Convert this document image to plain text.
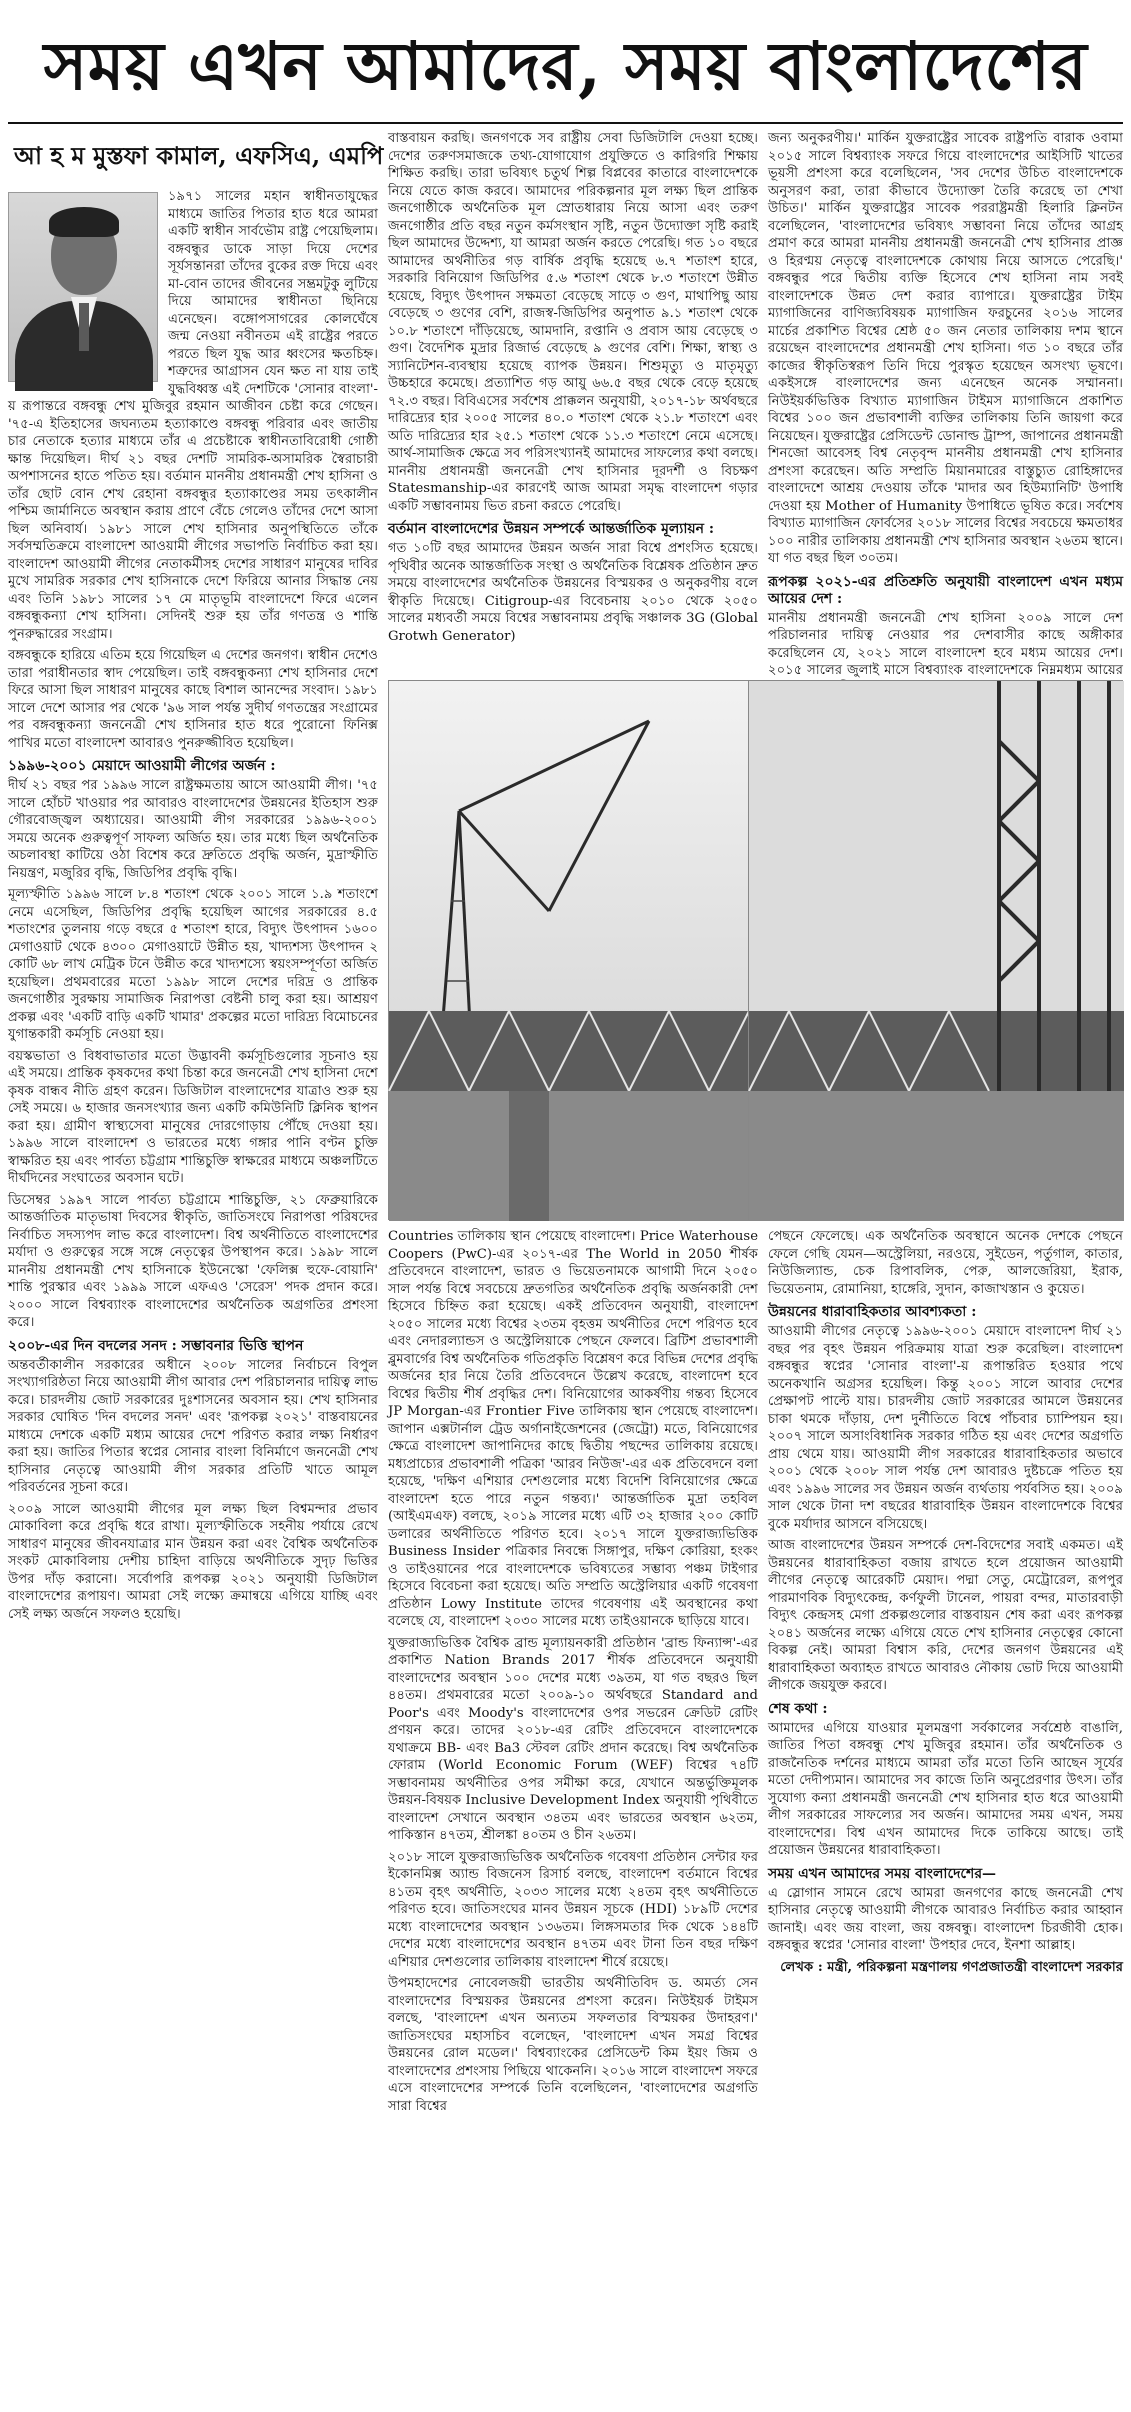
সময় এখন আমাদের, সময় বাংলাদেশের
আ হ ম মুস্তফা কামাল, এফসিএ, এমপি

১৯৭১ সালের মহান স্বাধীনতাযুদ্ধের মাধ্যমে জাতির পিতার হাত ধরে আমরা একটি স্বাধীন সার্বভৌম রাষ্ট্র পেয়েছিলাম। বঙ্গবন্ধুর ডাকে সাড়া দিয়ে দেশের সূর্যসন্তানরা তাঁদের বুকের রক্ত দিয়ে এবং মা-বোন তাদের জীবনের সম্ভ্রমটুকু লুটিয়ে দিয়ে আমাদের স্বাধীনতা ছিনিয়ে এনেছেন। বঙ্গোপসাগরের কোলঘেঁষে জন্ম নেওয়া নবীনতম এই রাষ্ট্রের পরতে পরতে ছিল যুদ্ধ আর ধ্বংসের ক্ষতচিহ্ন। শত্রুদের আগ্রাসন যেন ক্ষত না যায় তাই যুদ্ধবিধ্বস্ত এই দেশটিকে 'সোনার বাংলা'-য় রূপান্তরে বঙ্গবন্ধু শেখ মুজিবুর রহমান আজীবন চেষ্টা করে গেছেন। '৭৫-এ ইতিহাসের জঘন্যতম হত্যাকাণ্ডে বঙ্গবন্ধু পরিবার এবং জাতীয় চার নেতাকে হত্যার মাধ্যমে তাঁর এ প্রচেষ্টাকে স্বাধীনতাবিরোধী গোষ্ঠী ক্ষান্ত দিয়েছিল। দীর্ঘ ২১ বছর দেশটি সামরিক-অসামরিক স্বৈরাচারী অপশাসনের হাতে পতিত হয়। বর্তমান মাননীয় প্রধানমন্ত্রী শেখ হাসিনা ও তাঁর ছোট বোন শেখ রেহানা বঙ্গবন্ধুর হত্যাকাণ্ডের সময় তৎকালীন পশ্চিম জার্মানিতে অবস্থান করায় প্রাণে বেঁচে গেলেও তাঁদের দেশে আসা ছিল অনিবার্য। ১৯৮১ সালে শেখ হাসিনার অনুপস্থিতিতে তাঁকে সর্বসম্মতিক্রমে বাংলাদেশ আওয়ামী লীগের সভাপতি নির্বাচিত করা হয়। বাংলাদেশ আওয়ামী লীগের নেতাকর্মীসহ দেশের সাধারণ মানুষের দাবির মুখে সামরিক সরকার শেখ হাসিনাকে দেশে ফিরিয়ে আনার সিদ্ধান্ত নেয় এবং তিনি ১৯৮১ সালের ১৭ মে মাতৃভূমি বাংলাদেশে ফিরে এলেন বঙ্গবন্ধুকন্যা শেখ হাসিনা। সেদিনই শুরু হয় তাঁর গণতন্ত্র ও শান্তি পুনরুদ্ধারের সংগ্রাম।

বঙ্গবন্ধুকে হারিয়ে এতিম হয়ে গিয়েছিল এ দেশের জনগণ। স্বাধীন দেশেও তারা পরাধীনতার স্বাদ পেয়েছিল। তাই বঙ্গবন্ধুকন্যা শেখ হাসিনার দেশে ফিরে আসা ছিল সাধারণ মানুষের কাছে বিশাল আনন্দের সংবাদ। ১৯৮১ সালে দেশে আসার পর থেকে '৯৬ সাল পর্যন্ত সুদীর্ঘ গণতন্ত্রের সংগ্রামের পর বঙ্গবন্ধুকন্যা জননেত্রী শেখ হাসিনার হাত ধরে পুরোনো ফিনিক্স পাখির মতো বাংলাদেশ আবারও পুনরুজ্জীবিত হয়েছিল।

১৯৯৬-২০০১ মেয়াদে আওয়ামী লীগের অর্জন :

দীর্ঘ ২১ বছর পর ১৯৯৬ সালে রাষ্ট্রক্ষমতায় আসে আওয়ামী লীগ। '৭৫ সালে হোঁচট খাওয়ার পর আবারও বাংলাদেশের উন্নয়নের ইতিহাস শুরু গৌরবোজ্জ্বল অধ্যায়ের। আওয়ামী লীগ সরকারের ১৯৯৬-২০০১ সময়ে অনেক গুরুত্বপূর্ণ সাফল্য অর্জিত হয়। তার মধ্যে ছিল অর্থনৈতিক অচলাবস্থা কাটিয়ে ওঠা বিশেষ করে দ্রুতিতে প্রবৃদ্ধি অর্জন, মুদ্রাস্ফীতি নিয়ন্ত্রণ, মজুরির বৃদ্ধি, জিডিপির প্রবৃদ্ধি বৃদ্ধি।

মূল্যস্ফীতি ১৯৯৬ সালে ৮.৪ শতাংশ থেকে ২০০১ সালে ১.৯ শতাংশে নেমে এসেছিল, জিডিপির প্রবৃদ্ধি হয়েছিল আগের সরকারের ৪.৫ শতাংশের তুলনায় গড়ে বছরে ৫ শতাংশ হারে, বিদ্যুৎ উৎপাদন ১৬০০ মেগাওয়াট থেকে ৪৩০০ মেগাওয়াটে উন্নীত হয়, খাদ্যশস্য উৎপাদন ২ কোটি ৬৮ লাখ মেট্রিক টনে উন্নীত করে খাদ্যশস্যে স্বয়ংসম্পূর্ণতা অর্জিত হয়েছিল। প্রথমবারের মতো ১৯৯৮ সালে দেশের দরিদ্র ও প্রান্তিক জনগোষ্ঠীর সুরক্ষায় সামাজিক নিরাপত্তা বেষ্টনী চালু করা হয়। আশ্রয়ণ প্রকল্প এবং 'একটি বাড়ি একটি খামার' প্রকল্পের মতো দারিদ্র্য বিমোচনের যুগান্তকারী কর্মসূচি নেওয়া হয়।

বয়স্কভাতা ও বিধবাভাতার মতো উদ্ভাবনী কর্মসূচিগুলোর সূচনাও হয় এই সময়ে। প্রান্তিক কৃষকদের কথা চিন্তা করে জননেত্রী শেখ হাসিনা দেশে কৃষক বান্ধব নীতি গ্রহণ করেন। ডিজিটাল বাংলাদেশের যাত্রাও শুরু হয় সেই সময়ে। ৬ হাজার জনসংখ্যার জন্য একটি কমিউনিটি ক্লিনিক স্থাপন করা হয়। গ্রামীণ স্বাস্থ্যসেবা মানুষের দোরগোড়ায় পৌঁছে দেওয়া হয়। ১৯৯৬ সালে বাংলাদেশ ও ভারতের মধ্যে গঙ্গার পানি বণ্টন চুক্তি স্বাক্ষরিত হয় এবং পার্বত্য চট্টগ্রাম শান্তিচুক্তি স্বাক্ষরের মাধ্যমে অঞ্চলটিতে দীর্ঘদিনের সংঘাতের অবসান ঘটে।

ডিসেম্বর ১৯৯৭ সালে পার্বত্য চট্টগ্রামে শান্তিচুক্তি, ২১ ফেব্রুয়ারিকে আন্তর্জাতিক মাতৃভাষা দিবসের স্বীকৃতি, জাতিসংঘে নিরাপত্তা পরিষদের নির্বাচিত সদস্যপদ লাভ করে বাংলাদেশ। বিশ্ব অর্থনীতিতে বাংলাদেশের মর্যাদা ও গুরুত্বের সঙ্গে সঙ্গে নেতৃত্বের উপস্থাপন করে। ১৯৯৮ সালে মাননীয় প্রধানমন্ত্রী শেখ হাসিনাকে ইউনেস্কো 'ফেলিক্স হুফে-বোয়ানি' শান্তি পুরস্কার এবং ১৯৯৯ সালে এফএও 'সেরেস' পদক প্রদান করে। ২০০০ সালে বিশ্বব্যাংক বাংলাদেশের অর্থনৈতিক অগ্রগতির প্রশংসা করে।

২০০৮-এর দিন বদলের সনদ : সম্ভাবনার ভিত্তি স্থাপন

অন্তবর্তীকালীন সরকারের অধীনে ২০০৮ সালের নির্বাচনে বিপুল সংখ্যাগরিষ্ঠতা নিয়ে আওয়ামী লীগ আবার দেশ পরিচালনার দায়িত্ব লাভ করে। চারদলীয় জোট সরকারের দুঃশাসনের অবসান হয়। শেখ হাসিনার সরকার ঘোষিত 'দিন বদলের সনদ' এবং 'রূপকল্প ২০২১' বাস্তবায়নের মাধ্যমে দেশকে একটি মধ্যম আয়ের দেশে পরিণত করার লক্ষ্য নির্ধারণ করা হয়। জাতির পিতার স্বপ্নের সোনার বাংলা বিনির্মাণে জননেত্রী শেখ হাসিনার নেতৃত্বে আওয়ামী লীগ সরকার প্রতিটি খাতে আমূল পরিবর্তনের সূচনা করে।

২০০৯ সালে আওয়ামী লীগের মূল লক্ষ্য ছিল বিশ্বমন্দার প্রভাব মোকাবিলা করে প্রবৃদ্ধি ধরে রাখা। মূল্যস্ফীতিকে সহনীয় পর্যায়ে রেখে সাধারণ মানুষের জীবনযাত্রার মান উন্নয়ন করা এবং বৈশ্বিক অর্থনৈতিক সংকট মোকাবিলায় দেশীয় চাহিদা বাড়িয়ে অর্থনীতিকে সুদৃঢ় ভিত্তির উপর দাঁড় করানো। সর্বোপরি রূপকল্প ২০২১ অনুযায়ী ডিজিটাল বাংলাদেশের রূপায়ণ। আমরা সেই লক্ষ্যে ক্রমান্বয়ে এগিয়ে যাচ্ছি এবং সেই লক্ষ্য অর্জনে সফলও হয়েছি।

বাস্তবায়ন করছি। জনগণকে সব রাষ্ট্রীয় সেবা ডিজিটালি দেওয়া হচ্ছে। দেশের তরুণসমাজকে তথ্য-যোগাযোগ প্রযুক্তিতে ও কারিগরি শিক্ষায় শিক্ষিত করছি। তারা ভবিষ্যৎ চতুর্থ শিল্প বিপ্লবের কাতারে বাংলাদেশকে নিয়ে যেতে কাজ করবে। আমাদের পরিকল্পনার মূল লক্ষ্য ছিল প্রান্তিক জনগোষ্ঠীকে অর্থনৈতিক মূল স্রোতধারায় নিয়ে আসা এবং তরুণ জনগোষ্ঠীর প্রতি বছর নতুন কর্মসংস্থান সৃষ্টি, নতুন উদ্যোক্তা সৃষ্টি করাই ছিল আমাদের উদ্দেশ্য, যা আমরা অর্জন করতে পেরেছি। গত ১০ বছরে আমাদের অর্থনীতির গড় বার্ষিক প্রবৃদ্ধি হয়েছে ৬.৭ শতাংশ হারে, সরকারি বিনিয়োগ জিডিপির ৫.৬ শতাংশ থেকে ৮.৩ শতাংশে উন্নীত হয়েছে, বিদ্যুৎ উৎপাদন সক্ষমতা বেড়েছে সাড়ে ৩ গুণ, মাথাপিছু আয় বেড়েছে ৩ গুণের বেশি, রাজস্ব-জিডিপির অনুপাত ৯.১ শতাংশ থেকে ১০.৮ শতাংশে দাঁড়িয়েছে, আমদানি, রপ্তানি ও প্রবাস আয় বেড়েছে ৩ গুণ। বৈদেশিক মুদ্রার রিজার্ভ বেড়েছে ৯ গুণের বেশি। শিক্ষা, স্বাস্থ্য ও স্যানিটেশন-ব্যবস্থায় হয়েছে ব্যাপক উন্নয়ন। শিশুমৃত্যু ও মাতৃমৃত্যু উচ্চহারে কমেছে। প্রত্যাশিত গড় আয়ু ৬৬.৫ বছর থেকে বেড়ে হয়েছে ৭২.৩ বছর। বিবিএসের সর্বশেষ প্রাক্কলন অনুযায়ী, ২০১৭-১৮ অর্থবছরে দারিদ্র্যের হার ২০০৫ সালের ৪০.০ শতাংশ থেকে ২১.৮ শতাংশে এবং অতি দারিদ্র্যের হার ২৫.১ শতাংশ থেকে ১১.৩ শতাংশে নেমে এসেছে। আর্থ-সামাজিক ক্ষেত্রে সব পরিসংখ্যানই আমাদের সাফল্যের কথা বলছে। মাননীয় প্রধানমন্ত্রী জননেত্রী শেখ হাসিনার দূরদর্শী ও বিচক্ষণ Statesmanship-এর কারণেই আজ আমরা সমৃদ্ধ বাংলাদেশ গড়ার একটি সম্ভাবনাময় ভিত রচনা করতে পেরেছি।

বর্তমান বাংলাদেশের উন্নয়ন সম্পর্কে আন্তর্জাতিক মূল্যায়ন :

গত ১০টি বছর আমাদের উন্নয়ন অর্জন সারা বিশ্বে প্রশংসিত হয়েছে। পৃথিবীর অনেক আন্তর্জাতিক সংস্থা ও অর্থনৈতিক বিশ্লেষক প্রতিষ্ঠান দ্রুত সময়ে বাংলাদেশের অর্থনৈতিক উন্নয়নের বিস্ময়কর ও অনুকরণীয় বলে স্বীকৃতি দিয়েছে। Citigroup-এর বিবেচনায় ২০১০ থেকে ২০৫০ সালের মধ্যবর্তী সময়ে বিশ্বের সম্ভাবনাময় প্রবৃদ্ধি সঞ্চালক 3G (Global Grotwh Generator)

জন্য অনুকরণীয়।' মার্কিন যুক্তরাষ্ট্রের সাবেক রাষ্ট্রপতি বারাক ওবামা ২০১৫ সালে বিশ্বব্যাংক সফরে গিয়ে বাংলাদেশের আইসিটি খাতের ভূয়সী প্রশংসা করে বলেছিলেন, 'সব দেশের উচিত বাংলাদেশকে অনুসরণ করা, তারা কীভাবে উদ্যোক্তা তৈরি করেছে তা শেখা উচিত।' মার্কিন যুক্তরাষ্ট্রের সাবেক পররাষ্ট্রমন্ত্রী হিলারি ক্লিনটন বলেছিলেন, 'বাংলাদেশের ভবিষ্যৎ সম্ভাবনা নিয়ে তাঁদের আগ্রহ প্রমাণ করে আমরা মাননীয় প্রধানমন্ত্রী জননেত্রী শেখ হাসিনার প্রাজ্ঞ ও হিরণ্ময় নেতৃত্বে বাংলাদেশকে কোথায় নিয়ে আসতে পেরেছি।' বঙ্গবন্ধুর পরে দ্বিতীয় ব্যক্তি হিসেবে শেখ হাসিনা নাম সবই বাংলাদেশকে উন্নত দেশ করার ব্যাপারে। যুক্তরাষ্ট্রের টাইম ম্যাগাজিনের বাণিজ্যবিষয়ক ম্যাগাজিন ফরচুনের ২০১৬ সালের মার্চের প্রকাশিত বিশ্বের শ্রেষ্ঠ ৫০ জন নেতার তালিকায় দশম স্থানে রয়েছেন বাংলাদেশের প্রধানমন্ত্রী শেখ হাসিনা। গত ১০ বছরে তাঁর কাজের স্বীকৃতিস্বরূপ তিনি দিয়ে পুরস্কৃত হয়েছেন অসংখ্য ভূষণে। একইসঙ্গে বাংলাদেশের জন্য এনেছেন অনেক সম্মাননা। নিউইয়র্কভিত্তিক বিখ্যাত ম্যাগাজিন টাইমস ম্যাগাজিনে প্রকাশিত বিশ্বের ১০০ জন প্রভাবশালী ব্যক্তির তালিকায় তিনি জায়গা করে নিয়েছেন। যুক্তরাষ্ট্রের প্রেসিডেন্ট ডোনাল্ড ট্রাম্প, জাপানের প্রধানমন্ত্রী শিনজো আবেসহ বিশ্ব নেতৃবৃন্দ মাননীয় প্রধানমন্ত্রী শেখ হাসিনার প্রশংসা করেছেন। অতি সম্প্রতি মিয়ানমারের বাস্তুচ্যুত রোহিঙ্গাদের বাংলাদেশে আশ্রয় দেওয়ায় তাঁকে 'মাদার অব হিউম্যানিটি' উপাধি দেওয়া হয় Mother of Humanity উপাধিতে ভূষিত করে। সর্বশেষ বিখ্যাত ম্যাগাজিন ফোর্বসের ২০১৮ সালের বিশ্বের সবচেয়ে ক্ষমতাধর ১০০ নারীর তালিকায় প্রধানমন্ত্রী শেখ হাসিনার অবস্থান ২৬তম স্থানে। যা গত বছর ছিল ৩০তম।

রূপকল্প ২০২১-এর প্রতিশ্রুতি অনুযায়ী বাংলাদেশ এখন মধ্যম আয়ের দেশ :

মাননীয় প্রধানমন্ত্রী জননেত্রী শেখ হাসিনা ২০০৯ সালে দেশ পরিচালনার দায়িত্ব নেওয়ার পর দেশবাসীর কাছে অঙ্গীকার করেছিলেন যে, ২০২১ সালে বাংলাদেশ হবে মধ্যম আয়ের দেশ। ২০১৫ সালের জুলাই মাসে বিশ্বব্যাংক বাংলাদেশকে নিম্নমধ্যম আয়ের

Countries তালিকায় স্থান পেয়েছে বাংলাদেশ। Price Waterhouse Coopers (PwC)-এর ২০১৭-এর The World in 2050 শীর্ষক প্রতিবেদনে বাংলাদেশ, ভারত ও ভিয়েতনামকে আগামী দিনে ২০৫০ সাল পর্যন্ত বিশ্বে সবচেয়ে দ্রুতগতির অর্থনৈতিক প্রবৃদ্ধি অর্জনকারী দেশ হিসেবে চিহ্নিত করা হয়েছে। একই প্রতিবেদন অনুযায়ী, বাংলাদেশ ২০৫০ সালের মধ্যে বিশ্বের ২৩তম বৃহত্তম অর্থনীতির দেশে পরিণত হবে এবং নেদারল্যান্ডস ও অস্ট্রেলিয়াকে পেছনে ফেলবে। ব্রিটিশ প্রভাবশালী ব্লুমবার্গের বিশ্ব অর্থনৈতিক গতিপ্রকৃতি বিশ্লেষণ করে বিভিন্ন দেশের প্রবৃদ্ধি অর্জনের হার নিয়ে তৈরি প্রতিবেদনে উল্লেখ করেছে, বাংলাদেশ হবে বিশ্বের দ্বিতীয় শীর্ষ প্রবৃদ্ধির দেশ। বিনিয়োগের আকর্ষণীয় গন্তব্য হিসেবে JP Morgan-এর Frontier Five তালিকায় স্থান পেয়েছে বাংলাদেশ। জাপান এক্সটার্নাল ট্রেড অর্গানাইজেশনের (জেট্রো) মতে, বিনিয়োগের ক্ষেত্রে বাংলাদেশ জাপানিদের কাছে দ্বিতীয় পছন্দের তালিকায় রয়েছে। মধ্যপ্রাচ্যের প্রভাবশালী পত্রিকা 'আরব নিউজ'-এর এক প্রতিবেদনে বলা হয়েছে, 'দক্ষিণ এশিয়ার দেশগুলোর মধ্যে বিদেশি বিনিয়োগের ক্ষেত্রে বাংলাদেশ হতে পারে নতুন গন্তব্য।' আন্তর্জাতিক মুদ্রা তহবিল (আইএমএফ) বলছে, ২০১৯ সালের মধ্যে এটি ৩২ হাজার ২০০ কোটি ডলারের অর্থনীতিতে পরিণত হবে। ২০১৭ সালে যুক্তরাজ্যভিত্তিক Business Insider পত্রিকার নিবন্ধে সিঙ্গাপুর, দক্ষিণ কোরিয়া, হংকং ও তাইওয়ানের পরে বাংলাদেশকে ভবিষ্যতের সম্ভাব্য পঞ্চম টাইগার হিসেবে বিবেচনা করা হয়েছে। অতি সম্প্রতি অস্ট্রেলিয়ার একটি গবেষণা প্রতিষ্ঠান Lowy Institute তাদের গবেষণায় এই অবস্থানের কথা বলেছে যে, বাংলাদেশ ২০৩০ সালের মধ্যে তাইওয়ানকে ছাড়িয়ে যাবে।

যুক্তরাজ্যভিত্তিক বৈশ্বিক ব্রান্ড মূল্যায়নকারী প্রতিষ্ঠান 'ব্রান্ড ফিন্যান্স'-এর প্রকাশিত Nation Brands 2017 শীর্ষক প্রতিবেদনে অনুযায়ী বাংলাদেশের অবস্থান ১০০ দেশের মধ্যে ৩৯তম, যা গত বছরও ছিল ৪৪তম। প্রথমবারের মতো ২০০৯-১০ অর্থবছরে Standard and Poor's এবং Moody's বাংলাদেশের ওপর সভরেন ক্রেডিট রেটিং প্রণয়ন করে। তাদের ২০১৮-এর রেটিং প্রতিবেদনে বাংলাদেশকে যথাক্রমে BB- এবং Ba3 স্টেবল রেটিং প্রদান করেছে। বিশ্ব অর্থনৈতিক ফোরাম (World Economic Forum (WEF) বিশ্বের ৭৪টি সম্ভাবনাময় অর্থনীতির ওপর সমীক্ষা করে, যেখানে অন্তর্ভুক্তিমূলক উন্নয়ন-বিষয়ক Inclusive Development Index অনুযায়ী পৃথিবীতে বাংলাদেশ সেখানে অবস্থান ৩৪তম এবং ভারতের অবস্থান ৬২তম, পাকিস্তান ৪৭তম, শ্রীলঙ্কা ৪০তম ও চীন ২৬তম।

২০১৮ সালে যুক্তরাজ্যভিত্তিক অর্থনৈতিক গবেষণা প্রতিষ্ঠান সেন্টার ফর ইকোনমিক্স অ্যান্ড বিজনেস রিসার্চ বলছে, বাংলাদেশ বর্তমানে বিশ্বের ৪১তম বৃহৎ অর্থনীতি, ২০৩৩ সালের মধ্যে ২৪তম বৃহৎ অর্থনীতিতে পরিণত হবে। জাতিসংঘের মানব উন্নয়ন সূচকে (HDI) ১৮৯টি দেশের মধ্যে বাংলাদেশের অবস্থান ১৩৬তম। লিঙ্গসমতার দিক থেকে ১৪৪টি দেশের মধ্যে বাংলাদেশের অবস্থান ৪৭তম এবং টানা তিন বছর দক্ষিণ এশিয়ার দেশগুলোর তালিকায় বাংলাদেশ শীর্ষে রয়েছে।

উপমহাদেশের নোবেলজয়ী ভারতীয় অর্থনীতিবিদ ড. অমর্ত্য সেন বাংলাদেশের বিস্ময়কর উন্নয়নের প্রশংসা করেন। নিউইয়র্ক টাইমস বলছে, 'বাংলাদেশ এখন অন্যতম সফলতার বিস্ময়কর উদাহরণ।' জাতিসংঘের মহাসচিব বলেছেন, 'বাংলাদেশ এখন সমগ্র বিশ্বের উন্নয়নের রোল মডেল।' বিশ্বব্যাংকের প্রেসিডেন্ট কিম ইয়ং জিম ও বাংলাদেশের প্রশংসায় পিছিয়ে থাকেননি। ২০১৬ সালে বাংলাদেশ সফরে এসে বাংলাদেশের সম্পর্কে তিনি বলেছিলেন, 'বাংলাদেশের অগ্রগতি সারা বিশ্বের

পেছনে ফেলেছে। এক অর্থনৈতিক অবস্থানে অনেক দেশকে পেছনে ফেলে গেছি যেমন—অস্ট্রেলিয়া, নরওয়ে, সুইডেন, পর্তুগাল, কাতার, নিউজিল্যান্ড, চেক রিপাবলিক, পেরু, আলজেরিয়া, ইরাক, ভিয়েতনাম, রোমানিয়া, হাঙ্গেরি, সুদান, কাজাখস্তান ও কুয়েত।

উন্নয়নের ধারাবাহিকতার আবশ্যকতা :

আওয়ামী লীগের নেতৃত্বে ১৯৯৬-২০০১ মেয়াদে বাংলাদেশ দীর্ঘ ২১ বছর পর বৃহৎ উন্নয়ন পরিক্রমায় যাত্রা শুরু করেছিল। বাংলাদেশ বঙ্গবন্ধুর স্বপ্নের 'সোনার বাংলা'-য় রূপান্তরিত হওয়ার পথে অনেকখানি অগ্রসর হয়েছিল। কিন্তু ২০০১ সালে আবার দেশের প্রেক্ষাপট পাল্টে যায়। চারদলীয় জোট সরকারের আমলে উন্নয়নের চাকা থমকে দাঁড়ায়, দেশ দুর্নীতিতে বিশ্বে পাঁচবার চ্যাম্পিয়ন হয়। ২০০৭ সালে অসাংবিধানিক সরকার গঠিত হয় এবং দেশের অগ্রগতি প্রায় থেমে যায়। আওয়ামী লীগ সরকারের ধারাবাহিকতার অভাবে ২০০১ থেকে ২০০৮ সাল পর্যন্ত দেশ আবারও দুষ্টচক্রে পতিত হয় এবং ১৯৯৬ সালের সব উন্নয়ন অর্জন ব্যর্থতায় পর্যবসিত হয়। ২০০৯ সাল থেকে টানা দশ বছরের ধারাবাহিক উন্নয়ন বাংলাদেশকে বিশ্বের বুকে মর্যাদার আসনে বসিয়েছে।

আজ বাংলাদেশের উন্নয়ন সম্পর্কে দেশ-বিদেশের সবাই একমত। এই উন্নয়নের ধারাবাহিকতা বজায় রাখতে হলে প্রয়োজন আওয়ামী লীগের নেতৃত্বে আরেকটি মেয়াদ। পদ্মা সেতু, মেট্রোরেল, রূপপুর পারমাণবিক বিদ্যুৎকেন্দ্র, কর্ণফুলী টানেল, পায়রা বন্দর, মাতারবাড়ী বিদ্যুৎ কেন্দ্রসহ মেগা প্রকল্পগুলোর বাস্তবায়ন শেষ করা এবং রূপকল্প ২০৪১ অর্জনের লক্ষ্যে এগিয়ে যেতে শেখ হাসিনার নেতৃত্বের কোনো বিকল্প নেই। আমরা বিশ্বাস করি, দেশের জনগণ উন্নয়নের এই ধারাবাহিকতা অব্যাহত রাখতে আবারও নৌকায় ভোট দিয়ে আওয়ামী লীগকে জয়যুক্ত করবে।

শেষ কথা :

আমাদের এগিয়ে যাওয়ার মূলমন্ত্রণা সর্বকালের সর্বশ্রেষ্ঠ বাঙালি, জাতির পিতা বঙ্গবন্ধু শেখ মুজিবুর রহমান। তাঁর অর্থনৈতিক ও রাজনৈতিক দর্শনের মাধ্যমে আমরা তাঁর মতো তিনি আছেন সূর্যের মতো দেদীপ্যমান। আমাদের সব কাজে তিনি অনুপ্রেরণার উৎস। তাঁর সুযোগ্য কন্যা প্রধানমন্ত্রী জননেত্রী শেখ হাসিনার হাত ধরে আওয়ামী লীগ সরকারের সাফল্যের সব অর্জন। আমাদের সময় এখন, সময় বাংলাদেশের। বিশ্ব এখন আমাদের দিকে তাকিয়ে আছে। তাই প্রয়োজন উন্নয়নের ধারাবাহিকতা।

সময় এখন আমাদের সময় বাংলাদেশের—

এ স্লোগান সামনে রেখে আমরা জনগণের কাছে জননেত্রী শেখ হাসিনার নেতৃত্বে আওয়ামী লীগকে আবারও নির্বাচিত করার আহ্বান জানাই। এবং জয় বাংলা, জয় বঙ্গবন্ধু। বাংলাদেশ চিরজীবী হোক। বঙ্গবন্ধুর স্বপ্নের 'সোনার বাংলা' উপহার দেবে, ইনশা আল্লাহ।

লেখক : মন্ত্রী, পরিকল্পনা মন্ত্রণালয় গণপ্রজাতন্ত্রী বাংলাদেশ সরকার
